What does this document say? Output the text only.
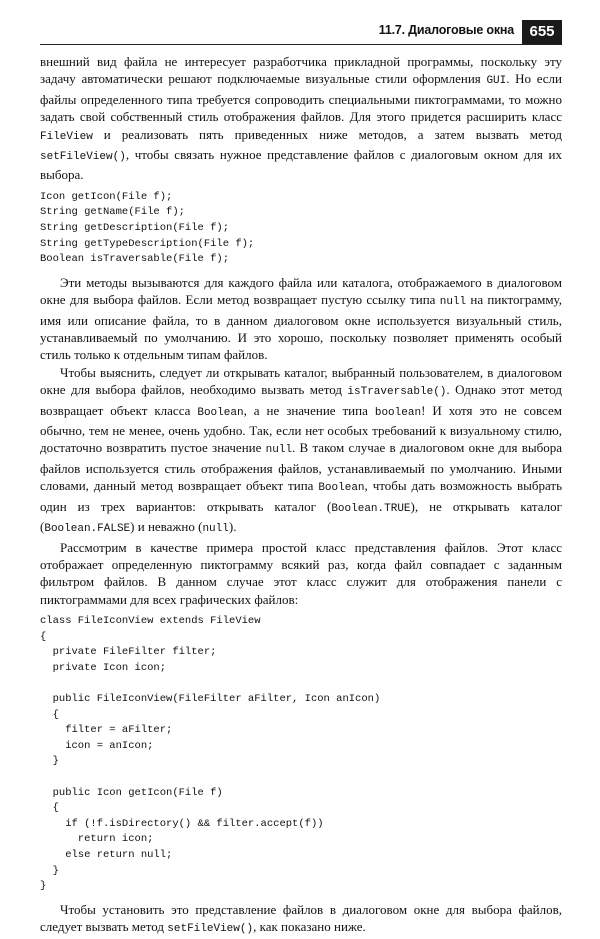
11.7. Диалоговые окна	655

внешний вид файла не интересует разработчика прикладной программы, поскольку эту задачу автоматически решают подключаемые визуальные стили оформления GUI. Но если файлы определенного типа требуется сопроводить специальными пиктограммами, то можно задать свой собственный стиль отображения файлов. Для этого придется расширить класс FileView и реализовать пять приведенных ниже методов, а затем вызвать метод setFileView(), чтобы связать нужное представление файлов с диалоговым окном для их выбора.

Icon getIcon(File f);
String getName(File f);
String getDescription(File f);
String getTypeDescription(File f);
Boolean isTraversable(File f);

Эти методы вызываются для каждого файла или каталога, отображаемого в диалоговом окне для выбора файлов. Если метод возвращает пустую ссылку типа null на пиктограмму, имя или описание файла, то в данном диалоговом окне используется визуальный стиль, устанавливаемый по умолчанию. И это хорошо, поскольку позволяет применять особый стиль только к отдельным типам файлов.

Чтобы выяснить, следует ли открывать каталог, выбранный пользователем, в диалоговом окне для выбора файлов, необходимо вызвать метод isTraversable(). Однако этот метод возвращает объект класса Boolean, а не значение типа boolean! И хотя это не совсем обычно, тем не менее, очень удобно. Так, если нет особых требований к визуальному стилю, достаточно возвратить пустое значение null. В таком случае в диалоговом окне для выбора файлов используется стиль отображения файлов, устанавливаемый по умолчанию. Иными словами, данный метод возвращает объект типа Boolean, чтобы дать возможность выбрать один из трех вариантов: открывать каталог (Boolean.TRUE), не открывать каталог (Boolean.FALSE) и неважно (null).

Рассмотрим в качестве примера простой класс представления файлов. Этот класс отображает определенную пиктограмму всякий раз, когда файл совпадает с заданным фильтром файлов. В данном случае этот класс служит для отображения панели с пиктограммами для всех графических файлов:

class FileIconView extends FileView
{
private FileFilter filter;
private Icon icon;

public FileIconView(FileFilter aFilter, Icon anIcon)
{
filter = aFilter;
icon = anIcon;
}

public Icon getIcon(File f)
{
if (!f.isDirectory() && filter.accept(f))
return icon;
else return null;
}
}

Чтобы установить это представление файлов в диалоговом окне для выбора файлов, следует вызвать метод setFileView(), как показано ниже.
